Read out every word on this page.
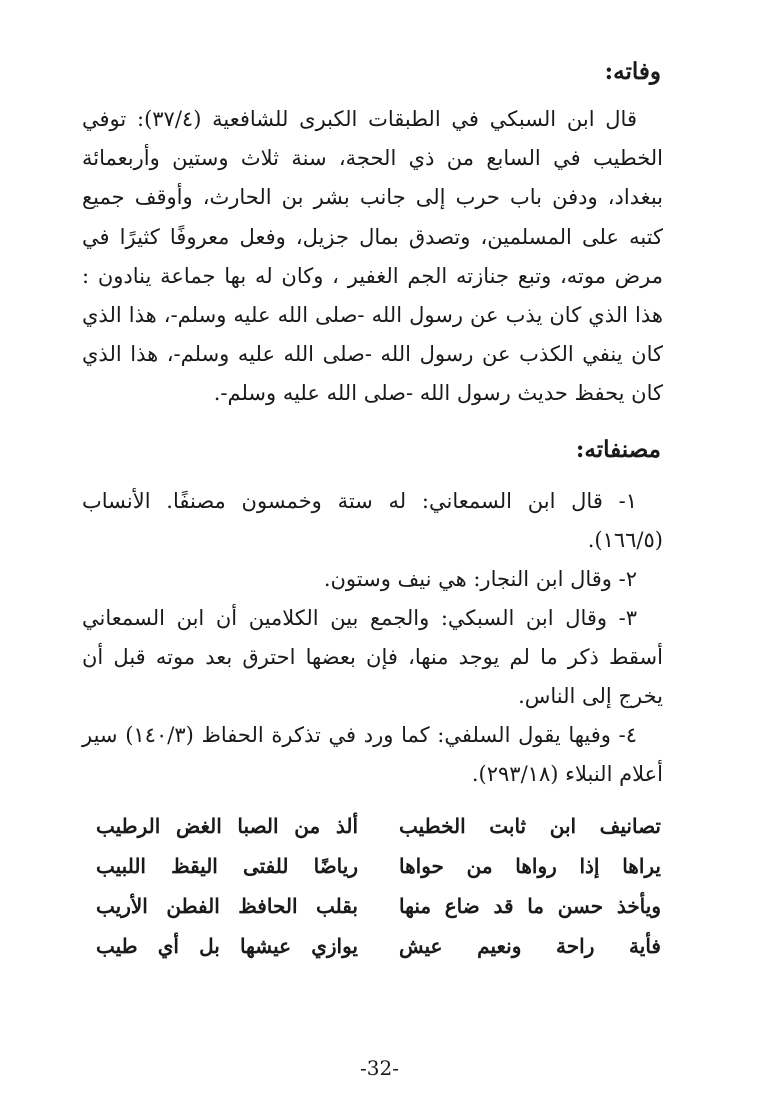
وفاته:

قال ابن السبكي في الطبقات الكبرى للشافعية (٣٧/٤): توفي الخطيب في السابع من ذي الحجة، سنة ثلاث وستين وأربعمائة ببغداد، ودفن باب حرب إلى جانب بشر بن الحارث، وأوقف جميع كتبه على المسلمين، وتصدق بمال جزيل، وفعل معروفًا كثيرًا في مرض موته، وتبع جنازته الجم الغفير ، وكان له بها جماعة ينادون : هذا الذي كان يذب عن رسول الله -صلى الله عليه وسلم-، هذا الذي كان ينفي الكذب عن رسول الله -صلى الله عليه وسلم-، هذا الذي كان يحفظ حديث رسول الله -صلى الله عليه وسلم-.

مصنفاته:

١- قال ابن السمعاني: له ستة وخمسون مصنفًا. الأنساب (١٦٦/٥).

٢- وقال ابن النجار: هي نيف وستون.

٣- وقال ابن السبكي: والجمع بين الكلامين أن ابن السمعاني أسقط ذكر ما لم يوجد منها، فإن بعضها احترق بعد موته قبل أن يخرج إلى الناس.

٤- وفيها يقول السلفي: كما ورد في تذكرة الحفاظ (١٤٠/٣) سير أعلام النبلاء (٢٩٣/١٨).

تصانيف ابن ثابت الخطيب
ألذ من الصبا الغض الرطيب
يراها إذا رواها من حواها
رياضًا للفتى اليقظ اللبيب
ويأخذ حسن ما قد ضاع منها
بقلب الحافظ الفطن الأريب
فأية راحة ونعيم عيش
يوازي عيشها بل أي طيب
-32-
